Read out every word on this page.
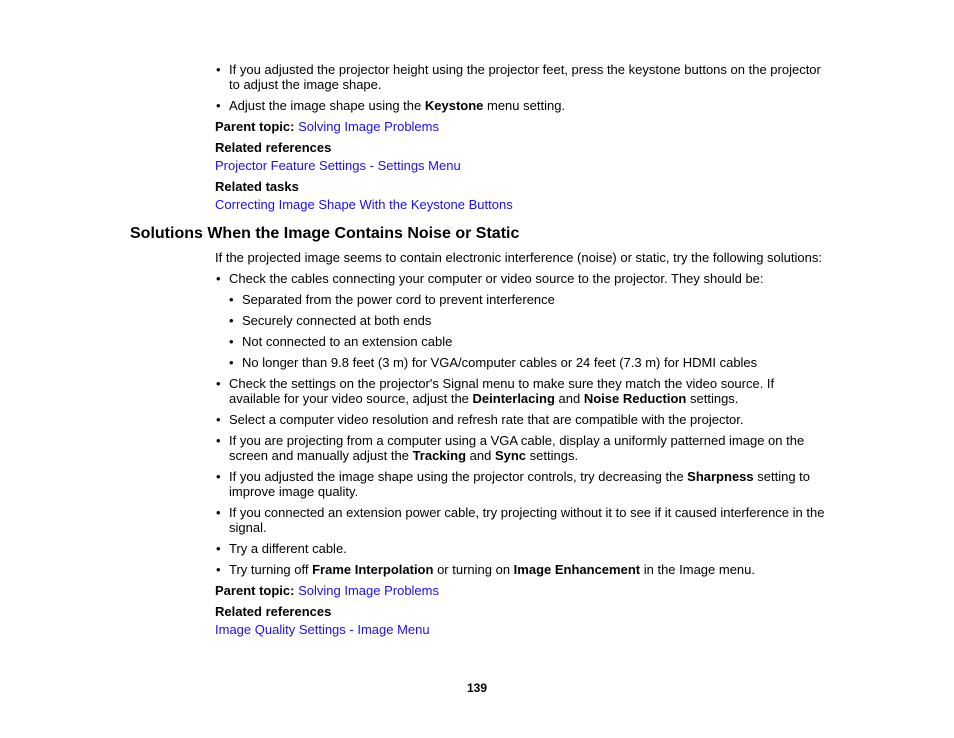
• If you adjusted the projector height using the projector feet, press the keystone buttons on the projector to adjust the image shape.
• Adjust the image shape using the Keystone menu setting.
Parent topic: Solving Image Problems
Related references
Projector Feature Settings - Settings Menu
Related tasks
Correcting Image Shape With the Keystone Buttons
Solutions When the Image Contains Noise or Static
If the projected image seems to contain electronic interference (noise) or static, try the following solutions:
• Check the cables connecting your computer or video source to the projector. They should be:
• Separated from the power cord to prevent interference
• Securely connected at both ends
• Not connected to an extension cable
• No longer than 9.8 feet (3 m) for VGA/computer cables or 24 feet (7.3 m) for HDMI cables
• Check the settings on the projector's Signal menu to make sure they match the video source. If available for your video source, adjust the Deinterlacing and Noise Reduction settings.
• Select a computer video resolution and refresh rate that are compatible with the projector.
• If you are projecting from a computer using a VGA cable, display a uniformly patterned image on the screen and manually adjust the Tracking and Sync settings.
• If you adjusted the image shape using the projector controls, try decreasing the Sharpness setting to improve image quality.
• If you connected an extension power cable, try projecting without it to see if it caused interference in the signal.
• Try a different cable.
• Try turning off Frame Interpolation or turning on Image Enhancement in the Image menu.
Parent topic: Solving Image Problems
Related references
Image Quality Settings - Image Menu
139
